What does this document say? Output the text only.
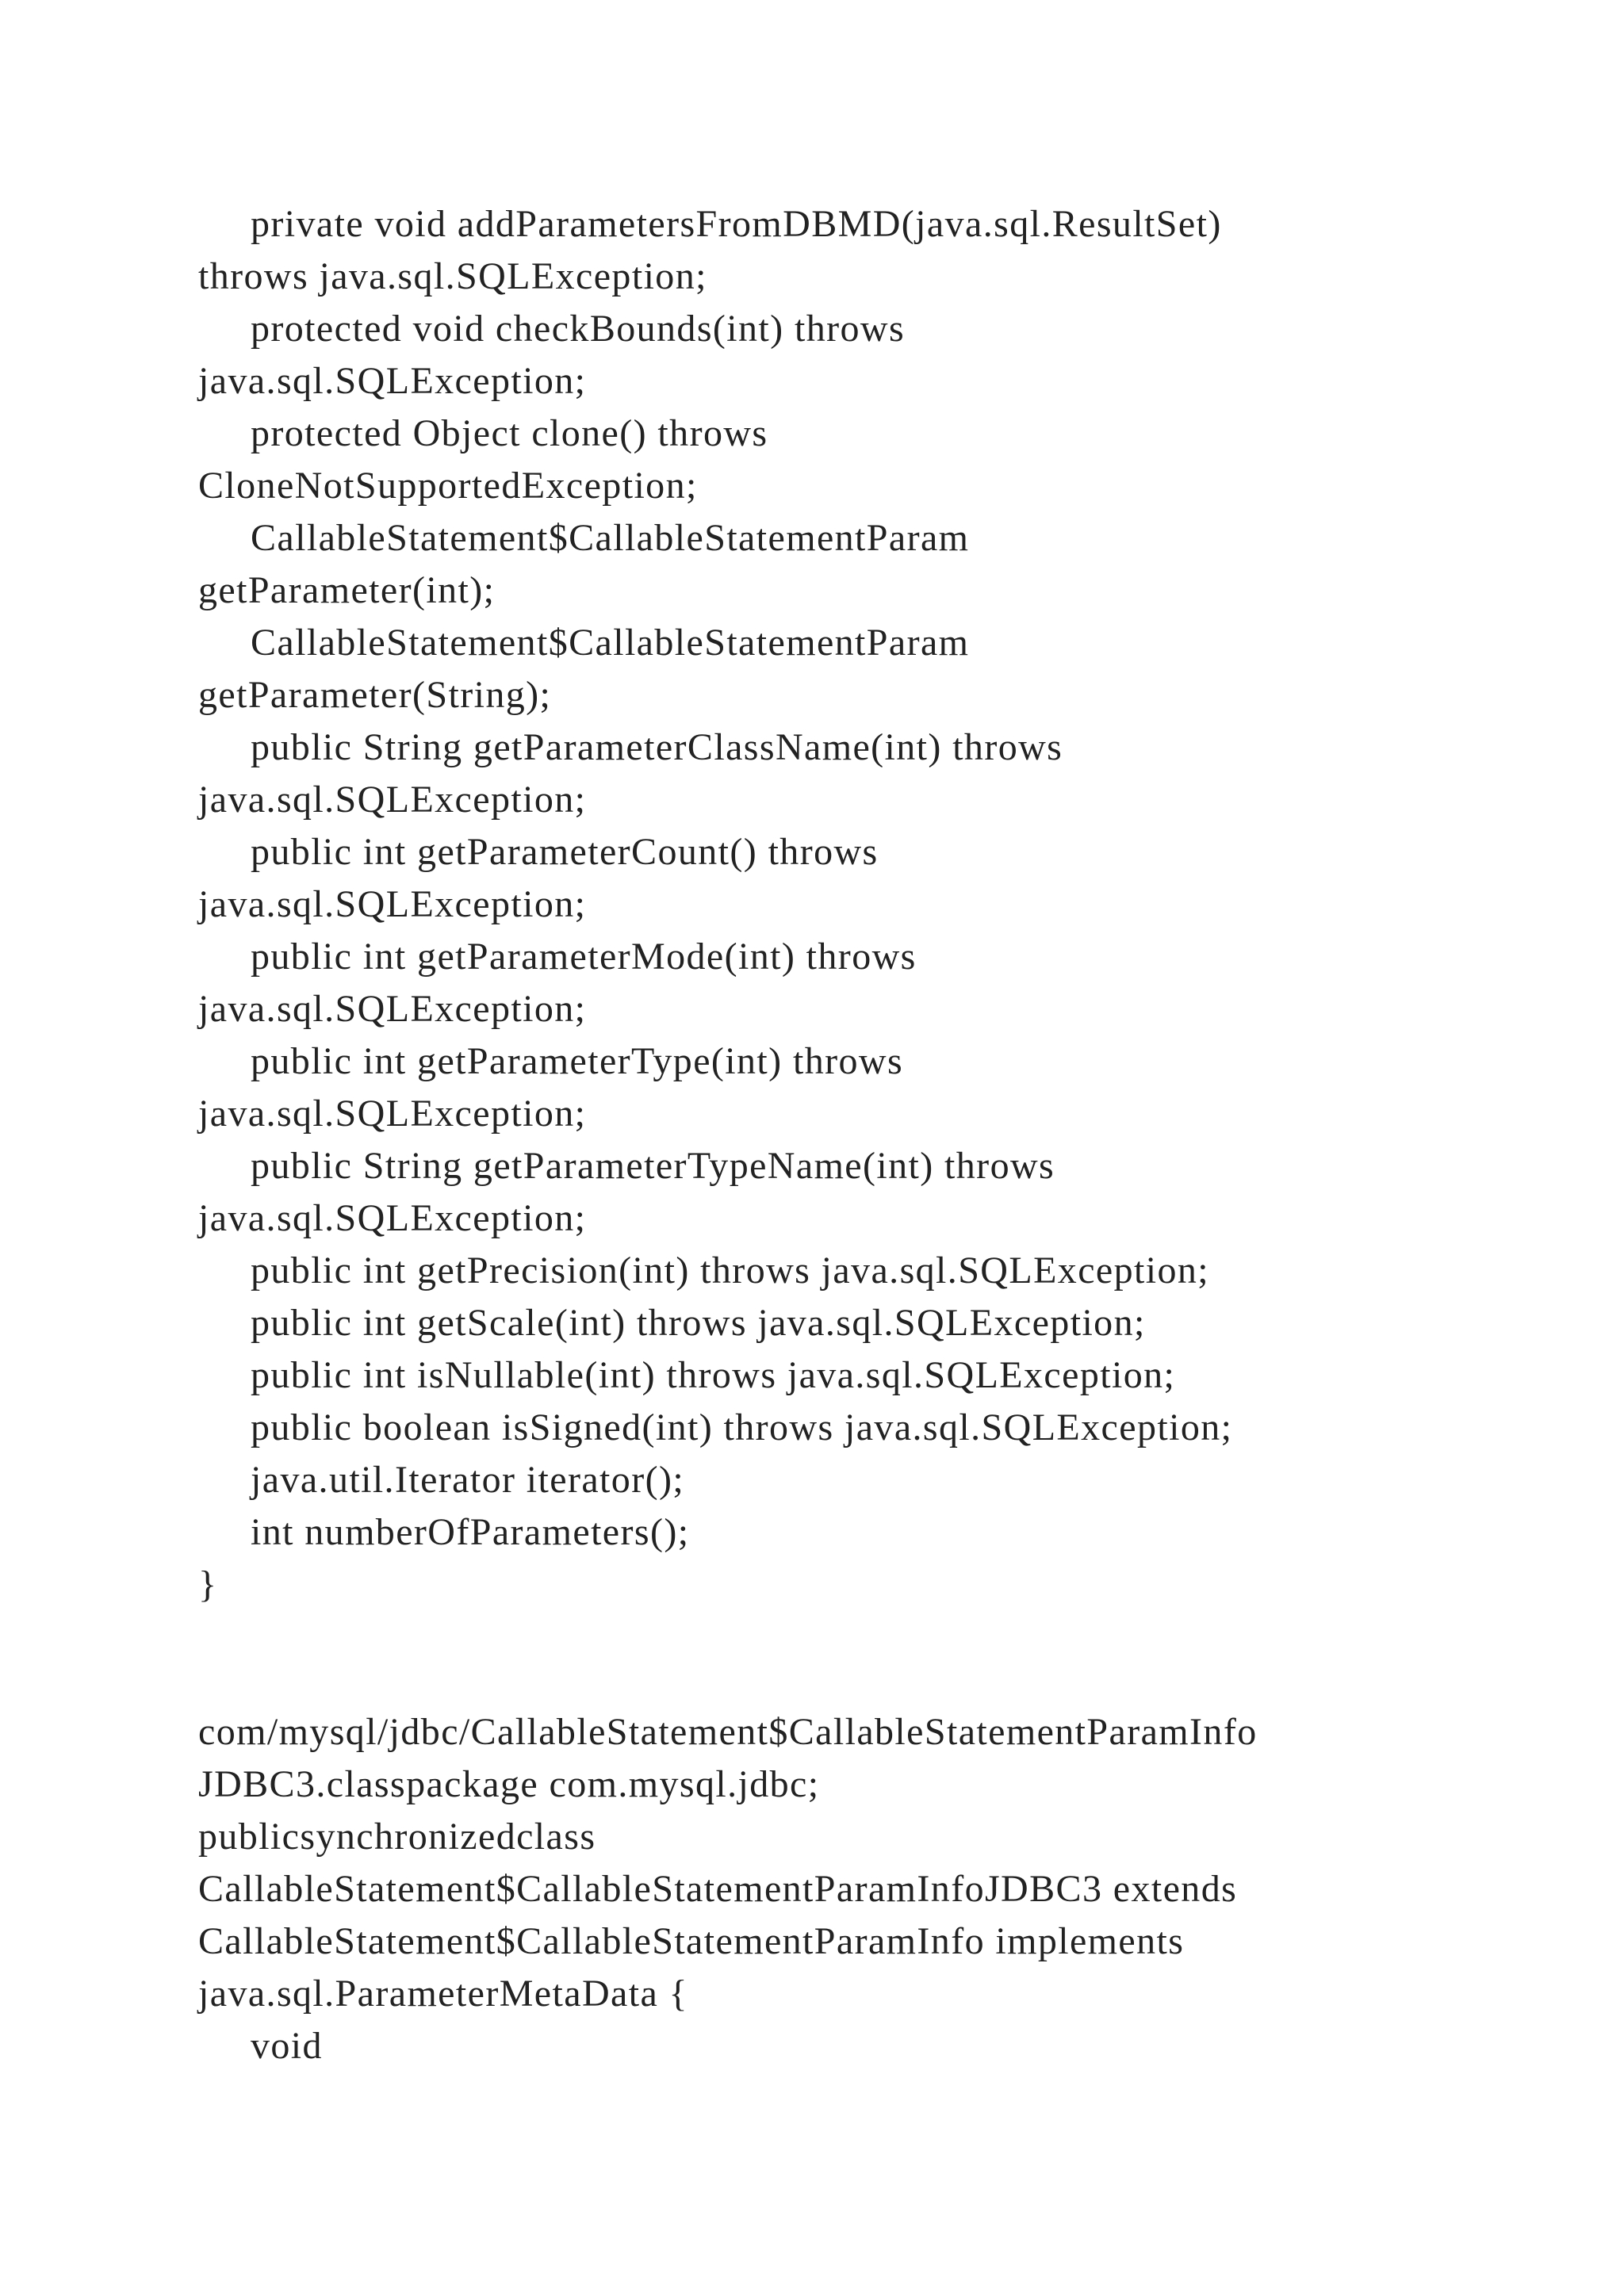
private void addParametersFromDBMD(java.sql.ResultSet)
throws java.sql.SQLException;
protected void checkBounds(int) throws
java.sql.SQLException;
protected Object clone() throws
CloneNotSupportedException;
CallableStatement$CallableStatementParam
getParameter(int);
CallableStatement$CallableStatementParam
getParameter(String);
public String getParameterClassName(int) throws
java.sql.SQLException;
public int getParameterCount() throws
java.sql.SQLException;
public int getParameterMode(int) throws
java.sql.SQLException;
public int getParameterType(int) throws
java.sql.SQLException;
public String getParameterTypeName(int) throws
java.sql.SQLException;
public int getPrecision(int) throws java.sql.SQLException;
public int getScale(int) throws java.sql.SQLException;
public int isNullable(int) throws java.sql.SQLException;
public boolean isSigned(int) throws java.sql.SQLException;
java.util.Iterator iterator();
int numberOfParameters();
}
com/mysql/jdbc/CallableStatement$CallableStatementParamInfo
JDBC3.classpackage com.mysql.jdbc;
publicsynchronizedclass
CallableStatement$CallableStatementParamInfoJDBC3 extends
CallableStatement$CallableStatementParamInfo implements
java.sql.ParameterMetaData {
void
